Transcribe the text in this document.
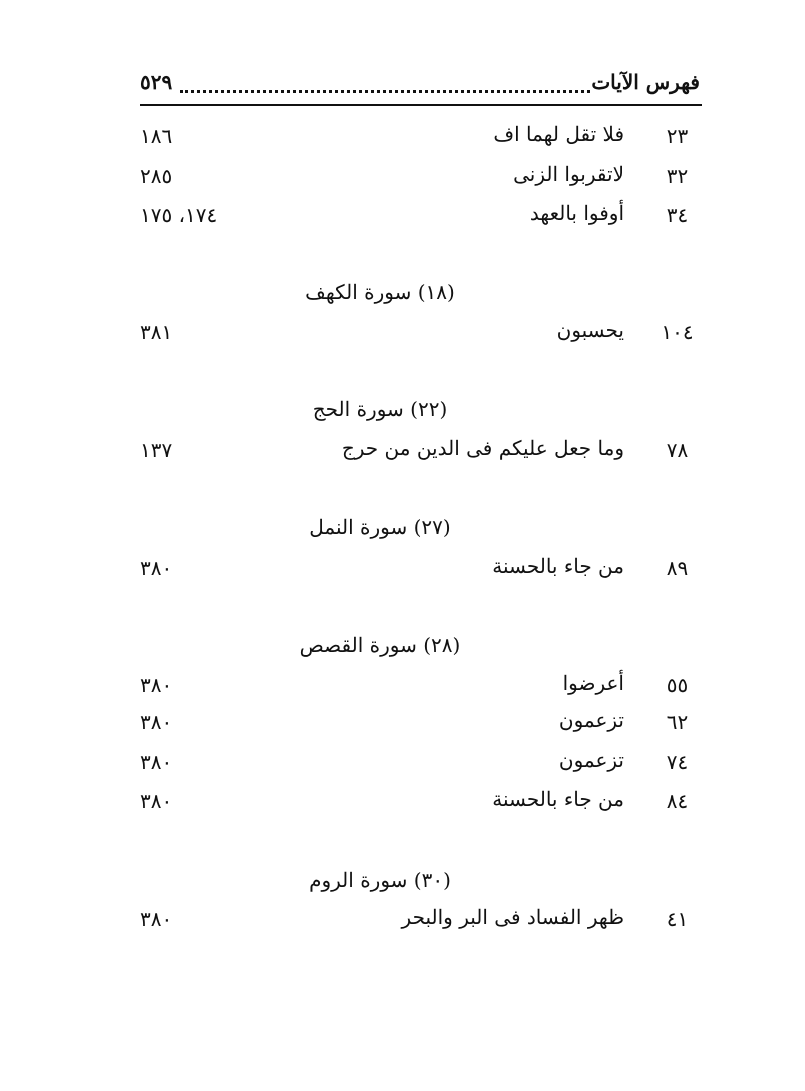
فهرس الآيات
٥٢٩
٢٣
فلا تقل لهما اف
١٨٦
٣٢
لاتقربوا الزنى
٢٨٥
٣٤
أوفوا بالعهد
١٧٤، ١٧٥
(١٨) سورة الكهف
١٠٤
يحسبون
٣٨١
(٢٢) سورة الحج
٧٨
وما جعل عليكم فى الدين من حرج
١٣٧
(٢٧) سورة النمل
٨٩
من جاء بالحسنة
٣٨٠
(٢٨) سورة القصص
٥٥
أعرضوا
٣٨٠
٦٢
تزعمون
٣٨٠
٧٤
تزعمون
٣٨٠
٨٤
من جاء بالحسنة
٣٨٠
(٣٠) سورة الروم
٤١
ظهر الفساد فى البر والبحر
٣٨٠
